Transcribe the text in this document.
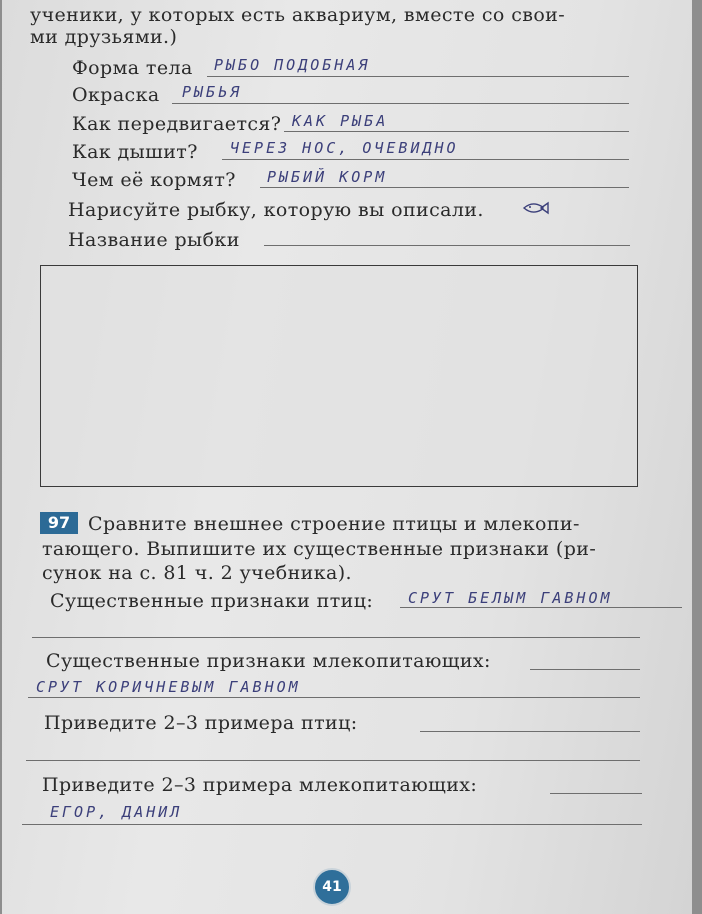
ученики, у которых есть аквариум, вместе со свои-
ми друзьями.)
Форма тела РЫБО ПОДОБНАЯ
Окраска РЫБЬЯ
Как передвигается? КАК РЫБА
Как дышит? ЧЕРЕЗ НОС, ОЧЕВИДНО
Чем её кормят? РЫБИЙ КОРМ
Нарисуйте рыбку, которую вы описали.
Название рыбки
97 Сравните внешнее строение птицы и млекопи-
тающего. Выпишите их существенные признаки (ри-
сунок на с. 81 ч. 2 учебника).
Существенные признаки птиц: СРУТ БЕЛЫМ ГАВНОМ
Существенные признаки млекопитающих:
СРУТ КОРИЧНЕВЫМ ГАВНОМ
Приведите 2–3 примера птиц:
Приведите 2–3 примера млекопитающих:
ЕГОР, ДАНИЛ
41
